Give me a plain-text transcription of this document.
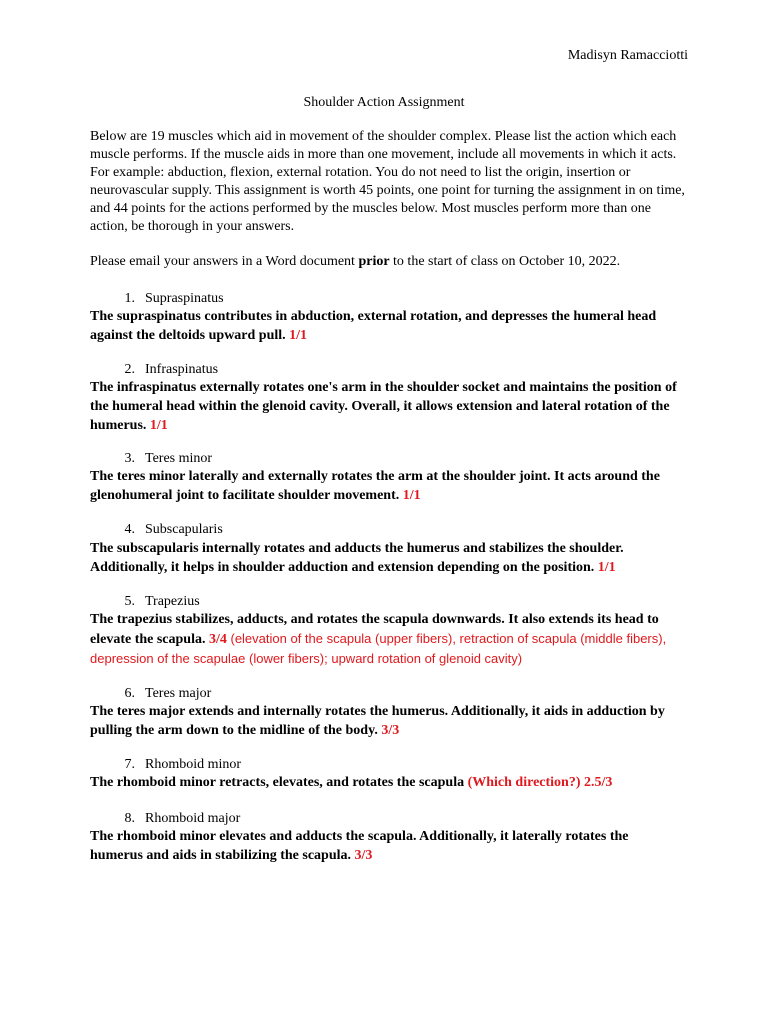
Madisyn Ramacciotti
Shoulder Action Assignment
Below are 19 muscles which aid in movement of the shoulder complex. Please list the action which each muscle performs. If the muscle aids in more than one movement, include all movements in which it acts. For example: abduction, flexion, external rotation. You do not need to list the origin, insertion or neurovascular supply. This assignment is worth 45 points, one point for turning the assignment in on time, and 44 points for the actions performed by the muscles below. Most muscles perform more than one action, be thorough in your answers.
Please email your answers in a Word document prior to the start of class on October 10, 2022.
1. Supraspinatus
The supraspinatus contributes in abduction, external rotation, and depresses the humeral head against the deltoids upward pull. 1/1
2. Infraspinatus
The infraspinatus externally rotates one's arm in the shoulder socket and maintains the position of the humeral head within the glenoid cavity. Overall, it allows extension and lateral rotation of the humerus. 1/1
3. Teres minor
The teres minor laterally and externally rotates the arm at the shoulder joint. It acts around the glenohumeral joint to facilitate shoulder movement. 1/1
4. Subscapularis
The subscapularis internally rotates and adducts the humerus and stabilizes the shoulder. Additionally, it helps in shoulder adduction and extension depending on the position. 1/1
5. Trapezius
The trapezius stabilizes, adducts, and rotates the scapula downwards. It also extends its head to elevate the scapula. 3/4 (elevation of the scapula (upper fibers), retraction of scapula (middle fibers), depression of the scapulae (lower fibers); upward rotation of glenoid cavity)
6. Teres major
The teres major extends and internally rotates the humerus. Additionally, it aids in adduction by pulling the arm down to the midline of the body. 3/3
7. Rhomboid minor
The rhomboid minor retracts, elevates, and rotates the scapula (Which direction?) 2.5/3
8. Rhomboid major
The rhomboid minor elevates and adducts the scapula. Additionally, it laterally rotates the humerus and aids in stabilizing the scapula. 3/3
